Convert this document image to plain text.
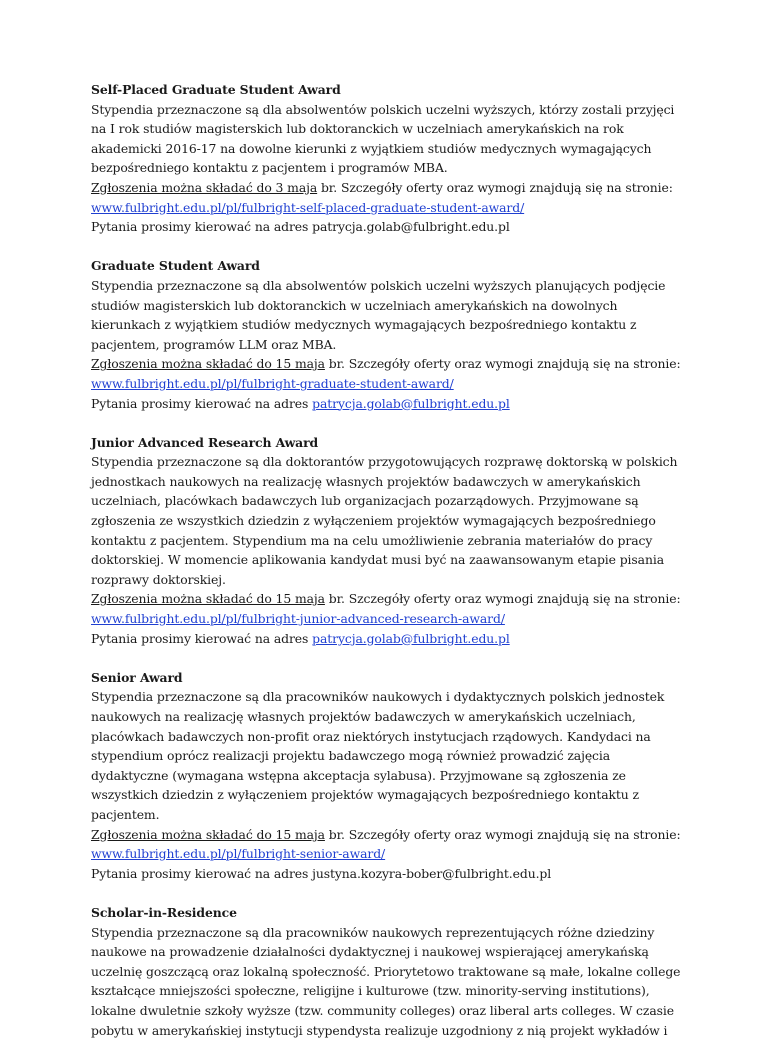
Self-Placed Graduate Student Award

Stypendia przeznaczone są dla absolwentów polskich uczelni wyższych, którzy zostali przyjęci na I rok studiów magisterskich lub doktoranckich w uczelniach amerykańskich na rok akademicki 2016-17 na dowolne kierunki z wyjątkiem studiów medycznych wymagających bezpośredniego kontaktu z pacjentem i programów MBA.

Zgłoszenia można składać do 3 maja br. Szczegóły oferty oraz wymogi znajdują się na stronie:

www.fulbright.edu.pl/pl/fulbright-self-placed-graduate-student-award/

Pytania prosimy kierować na adres patrycja.golab@fulbright.edu.pl

Graduate Student Award

Stypendia przeznaczone są dla absolwentów polskich uczelni wyższych planujących podjęcie studiów magisterskich lub doktoranckich w uczelniach amerykańskich na dowolnych kierunkach z wyjątkiem studiów medycznych wymagających bezpośredniego kontaktu z pacjentem, programów LLM oraz MBA.

Zgłoszenia można składać do 15 maja br. Szczegóły oferty oraz wymogi znajdują się na stronie:

www.fulbright.edu.pl/pl/fulbright-graduate-student-award/

Pytania prosimy kierować na adres patrycja.golab@fulbright.edu.pl

Junior Advanced Research Award

Stypendia przeznaczone są dla doktorantów przygotowujących rozprawę doktorską w polskich jednostkach naukowych na realizację własnych projektów badawczych w amerykańskich uczelniach, placówkach badawczych lub organizacjach pozarządowych. Przyjmowane są zgłoszenia ze wszystkich dziedzin z wyłączeniem projektów wymagających bezpośredniego kontaktu z pacjentem. Stypendium ma na celu umożliwienie zebrania materiałów do pracy doktorskiej. W momencie aplikowania kandydat musi być na zaawansowanym etapie pisania rozprawy doktorskiej.

Zgłoszenia można składać do 15 maja br. Szczegóły oferty oraz wymogi znajdują się na stronie:

www.fulbright.edu.pl/pl/fulbright-junior-advanced-research-award/

Pytania prosimy kierować na adres patrycja.golab@fulbright.edu.pl

Senior Award

Stypendia przeznaczone są dla pracowników naukowych i dydaktycznych polskich jednostek naukowych na realizację własnych projektów badawczych w amerykańskich uczelniach, placówkach badawczych non-profit oraz niektórych instytucjach rządowych. Kandydaci na stypendium oprócz realizacji projektu badawczego mogą również prowadzić zajęcia dydaktyczne (wymagana wstępna akceptacja sylabusa). Przyjmowane są zgłoszenia ze wszystkich dziedzin z wyłączeniem projektów wymagających bezpośredniego kontaktu z pacjentem.

Zgłoszenia można składać do 15 maja br. Szczegóły oferty oraz wymogi znajdują się na stronie:

www.fulbright.edu.pl/pl/fulbright-senior-award/

Pytania prosimy kierować na adres justyna.kozyra-bober@fulbright.edu.pl

Scholar-in-Residence

Stypendia przeznaczone są dla pracowników naukowych reprezentujących różne dziedziny naukowe na prowadzenie działalności dydaktycznej i naukowej wspierającej amerykańską uczelnię goszczącą oraz lokalną społeczność. Priorytetowo traktowane są małe, lokalne college kształcące mniejszości społeczne, religijne i kulturowe (tzw. minority-serving institutions), lokalne dwuletnie szkoły wyższe (tzw. community colleges) oraz liberal arts colleges. W czasie pobytu w amerykańskiej instytucji stypendysta realizuje uzgodniony z nią projekt wykładów i
